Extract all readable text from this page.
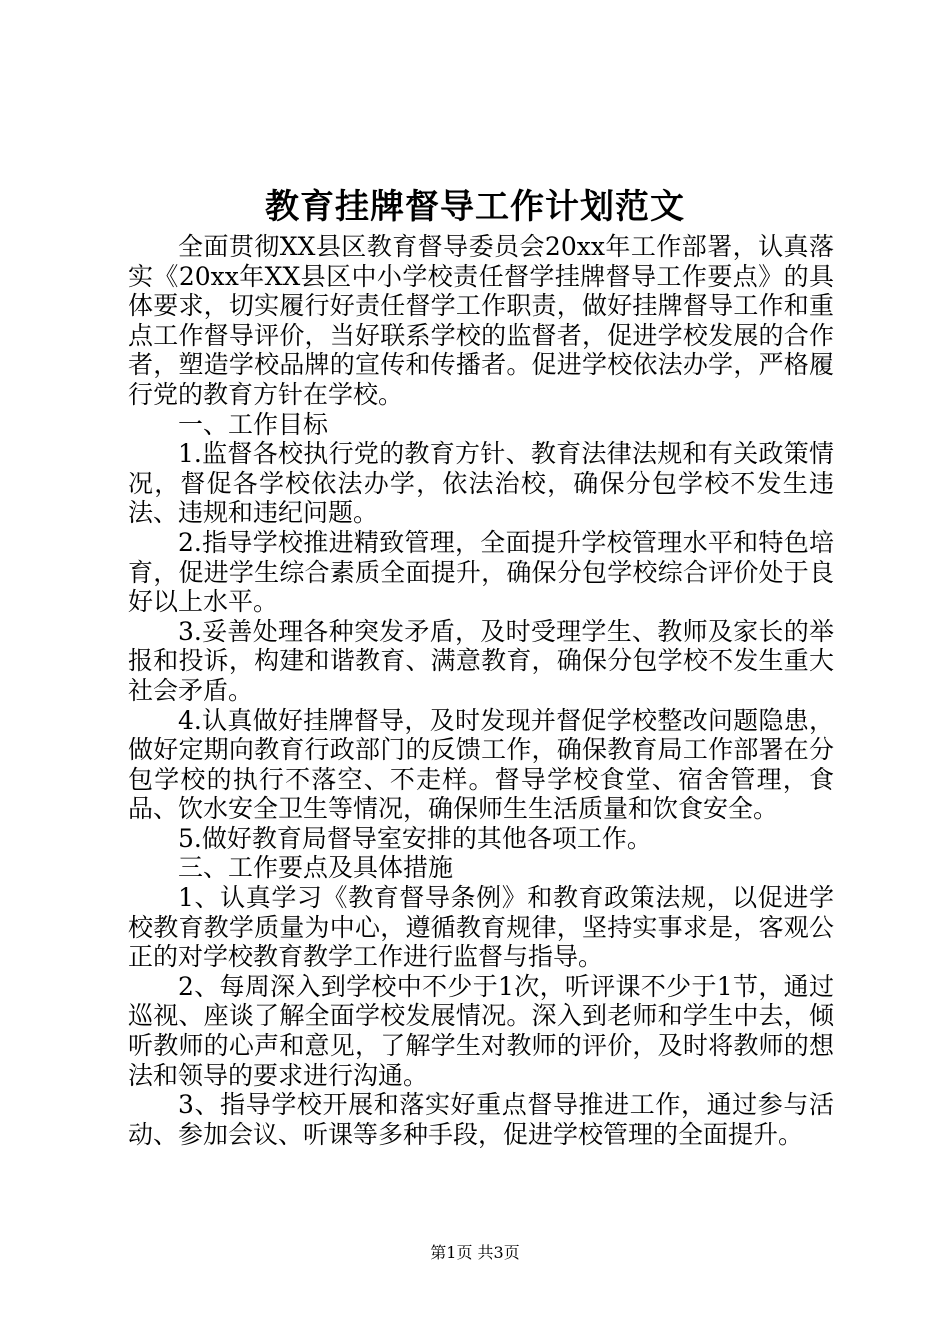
教育挂牌督导工作计划范文

全面贯彻XX县区教育督导委员会20xx年工作部署，认真落实《20xx年XX县区中小学校责任督学挂牌督导工作要点》的具体要求，切实履行好责任督学工作职责，做好挂牌督导工作和重点工作督导评价，当好联系学校的监督者，促进学校发展的合作者，塑造学校品牌的宣传和传播者。促进学校依法办学，严格履行党的教育方针在学校。

一、工作目标

1.监督各校执行党的教育方针、教育法律法规和有关政策情况，督促各学校依法办学，依法治校，确保分包学校不发生违法、违规和违纪问题。

2.指导学校推进精致管理，全面提升学校管理水平和特色培育，促进学生综合素质全面提升，确保分包学校综合评价处于良好以上水平。

3.妥善处理各种突发矛盾，及时受理学生、教师及家长的举报和投诉，构建和谐教育、满意教育，确保分包学校不发生重大社会矛盾。

4.认真做好挂牌督导，及时发现并督促学校整改问题隐患，做好定期向教育行政部门的反馈工作，确保教育局工作部署在分包学校的执行不落空、不走样。督导学校食堂、宿舍管理，食品、饮水安全卫生等情况，确保师生生活质量和饮食安全。

5.做好教育局督导室安排的其他各项工作。

三、工作要点及具体措施

1、认真学习《教育督导条例》和教育政策法规，以促进学校教育教学质量为中心，遵循教育规律，坚持实事求是，客观公正的对学校教育教学工作进行监督与指导。

2、每周深入到学校中不少于1次，听评课不少于1节，通过巡视、座谈了解全面学校发展情况。深入到老师和学生中去，倾听教师的心声和意见，了解学生对教师的评价，及时将教师的想法和领导的要求进行沟通。

3、指导学校开展和落实好重点督导推进工作，通过参与活动、参加会议、听课等多种手段，促进学校管理的全面提升。

第1页 共3页
